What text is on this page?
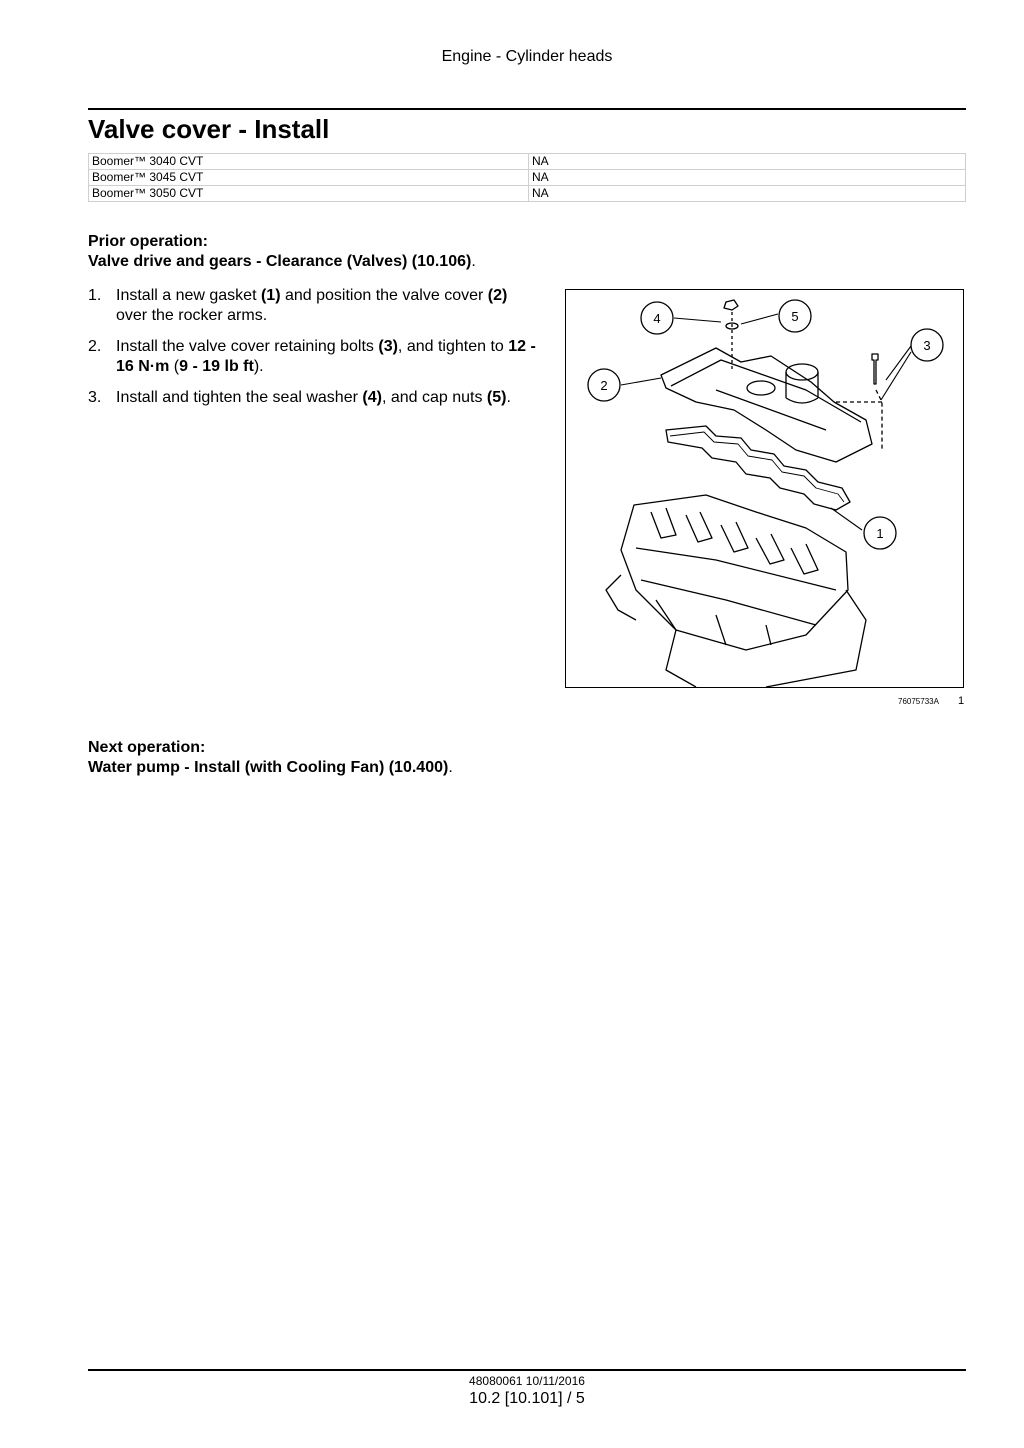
Engine - Cylinder heads
Valve cover - Install
Boomer™ 3040 CVT	NA
Boomer™ 3045 CVT	NA
Boomer™ 3050 CVT	NA
Prior operation:
Valve drive and gears - Clearance (Valves) (10.106).
1. Install a new gasket (1) and position the valve cover (2) over the rocker arms.
2. Install the valve cover retaining bolts (3), and tighten to 12 - 16 N·m (9 - 19 lb ft).
3. Install and tighten the seal washer (4), and cap nuts (5).
1
2
3
4	5
76075733A 1
Next operation:
Water pump - Install (with Cooling Fan) (10.400).
48080061 10/11/2016
10.2 [10.101] / 5
